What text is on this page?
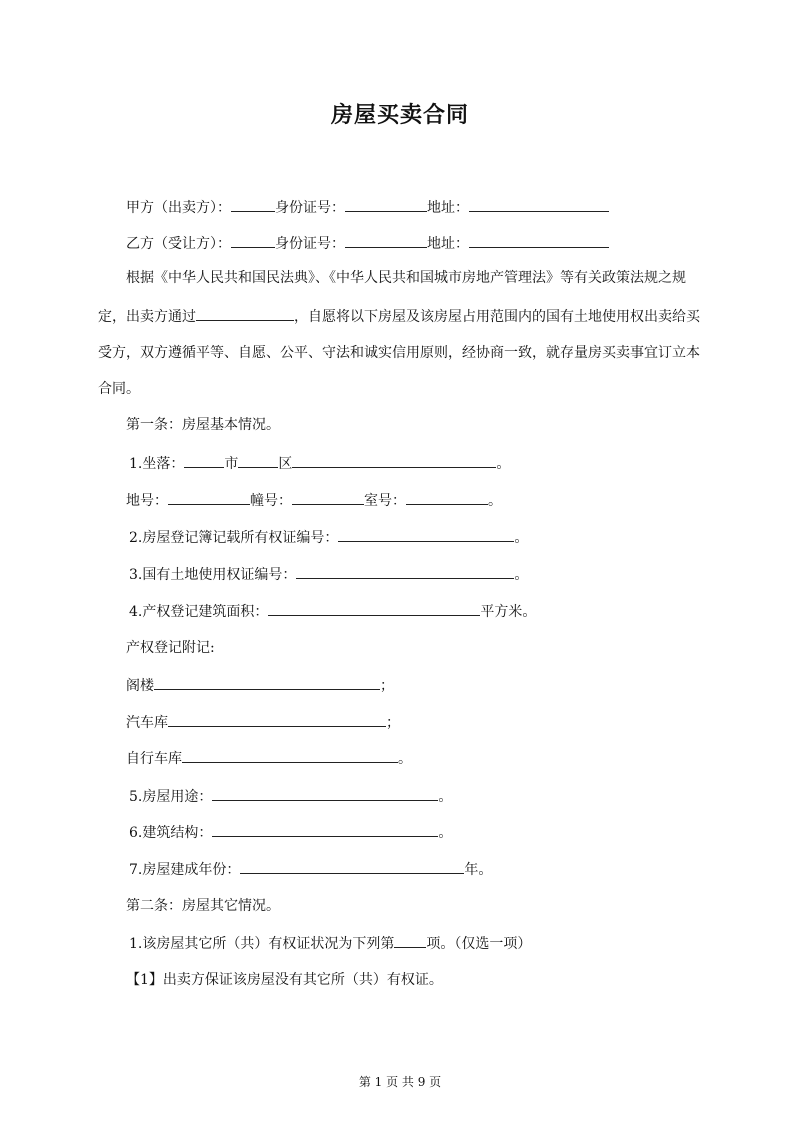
房屋买卖合同
甲方（出卖方）：	身份证号：	地址：
乙方（受让方）：	身份证号：	地址：
根据《中华人民共和国民法典》、《中华人民共和国城市房地产管理法》等有关政策法规之规
定，出卖方通过	，自愿将以下房屋及该房屋占用范围内的国有土地使用权出卖给买
受方，双方遵循平等、自愿、公平、守法和诚实信用原则，经协商一致，就存量房买卖事宜订立本
合同。
第一条：房屋基本情况。
1.坐落：	市	区	。
地号：	幢号：	室号：	。
2.房屋登记簿记载所有权证编号：	。
3.国有土地使用权证编号：	。
4.产权登记建筑面积：	平方米。
产权登记附记:
阁楼	；
汽车库	；
自行车库	。
5.房屋用途：	。
6.建筑结构：	。
7.房屋建成年份：	年。
第二条：房屋其它情况。
1.该房屋其它所（共）有权证状况为下列第 项。（仅选一项）
【1】出卖方保证该房屋没有其它所（共）有权证。
第 1 页 共 9 页
